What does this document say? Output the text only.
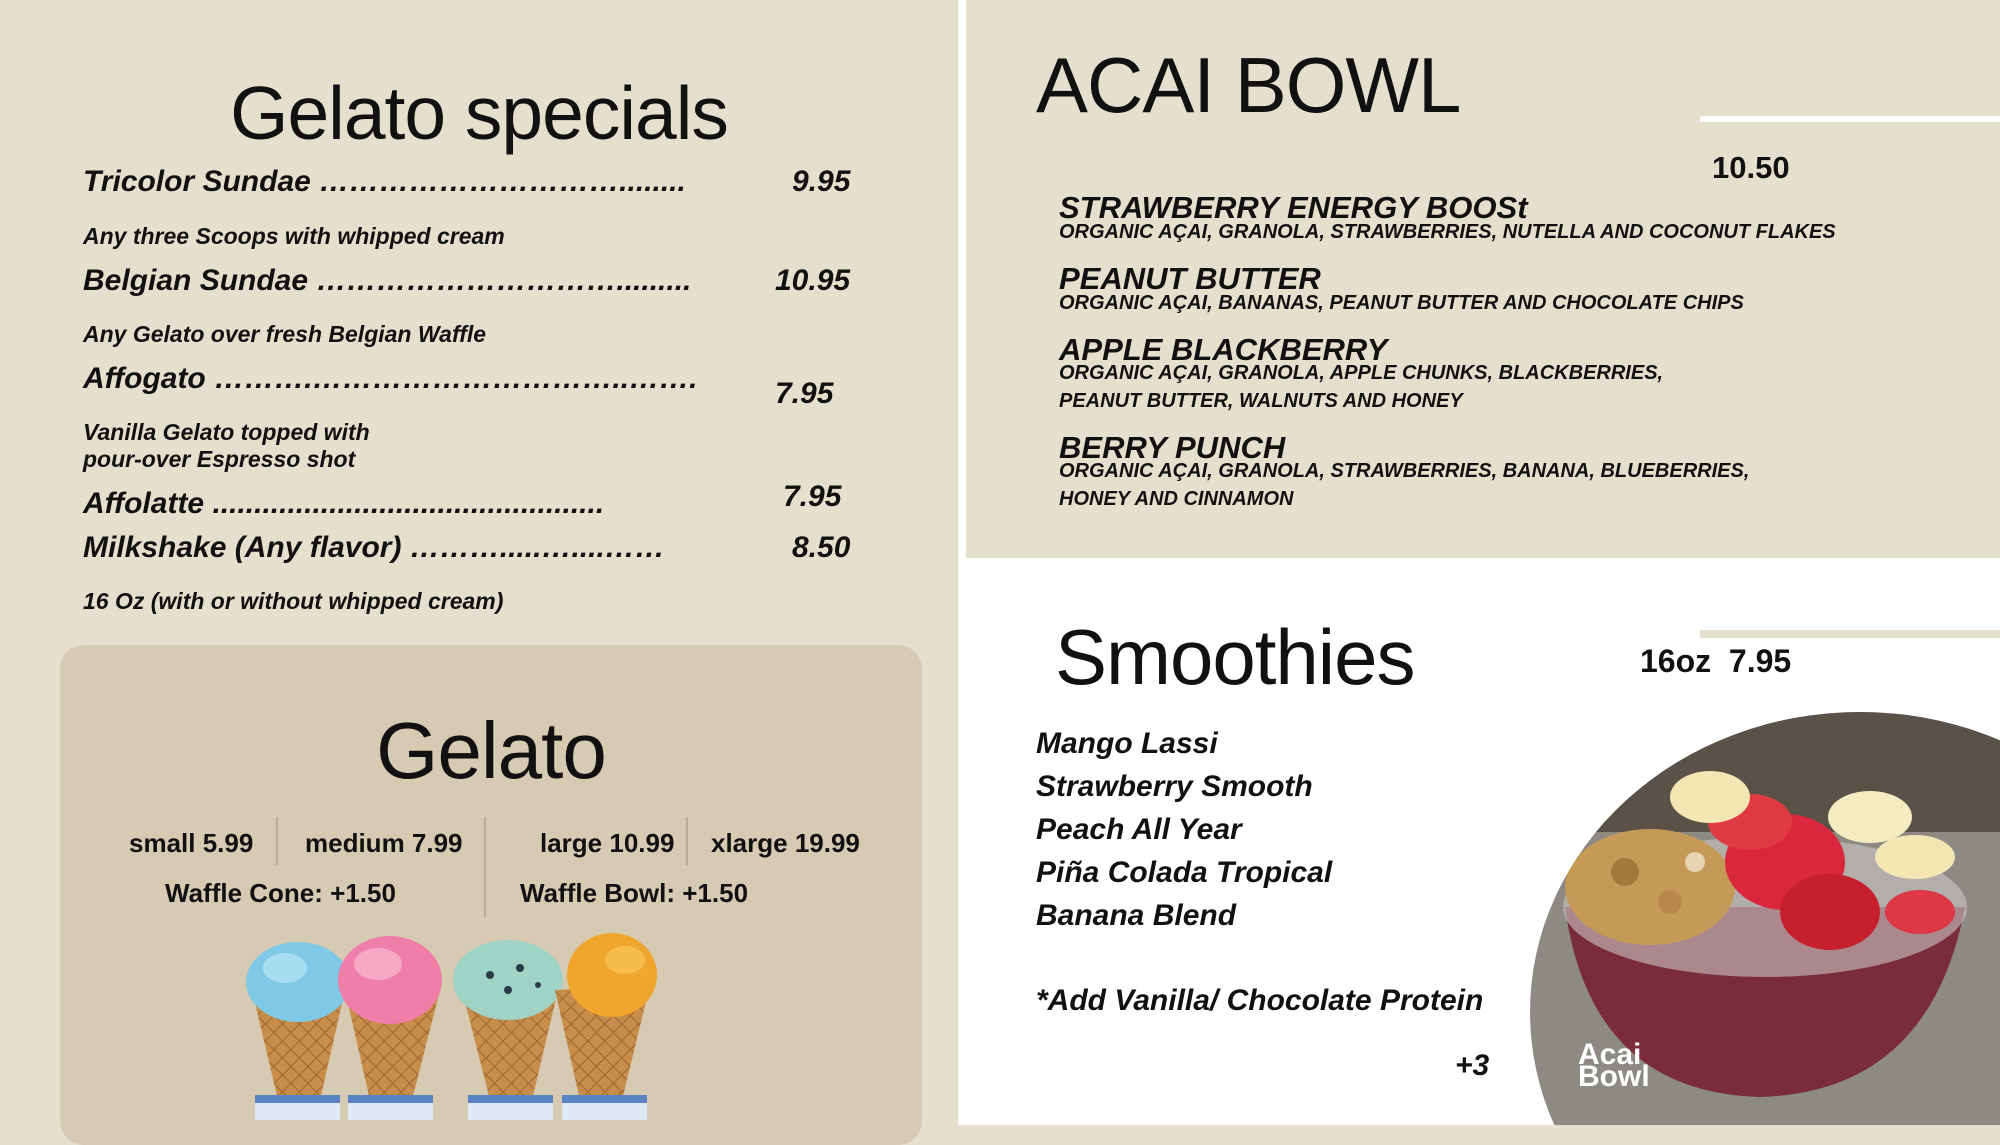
Gelato specials
Tricolor Sundae …………………………........	9.95
Any three Scoops with whipped cream
Belgian Sundae ………………………….........	10.95
Any Gelato over fresh Belgian Waffle
Affogato ……….…………………………..…….	7.95
Vanilla Gelato topped with
pour-over Espresso shot
Affolatte ...............................................	7.95
Milkshake (Any flavor) ……….....…....……	8.50
16 Oz (with or without whipped cream)
Gelato
small 5.99 medium 7.99	large 10.99 xlarge 19.99
Waffle Cone: +1.50	Waffle Bowl: +1.50
ACAI BOWL
10.50
STRAWBERRY ENERGY BOOSt
ORGANIC AÇAI, GRANOLA, STRAWBERRIES, NUTELLA AND COCONUT FLAKES
PEANUT BUTTER
ORGANIC AÇAI, BANANAS, PEANUT BUTTER AND CHOCOLATE CHIPS
APPLE BLACKBERRY
ORGANIC AÇAI, GRANOLA, APPLE CHUNKS, BLACKBERRIES,
PEANUT BUTTER, WALNUTS AND HONEY
BERRY PUNCH
ORGANIC AÇAI, GRANOLA, STRAWBERRIES, BANANA, BLUEBERRIES,
HONEY AND CINNAMON
Smoothies	16oz  7.95
Mango Lassi
Strawberry Smooth
Peach All Year
Piña Colada Tropical
Banana Blend
*Add Vanilla/ Chocolate Protein
+3	Acai
Bowl
